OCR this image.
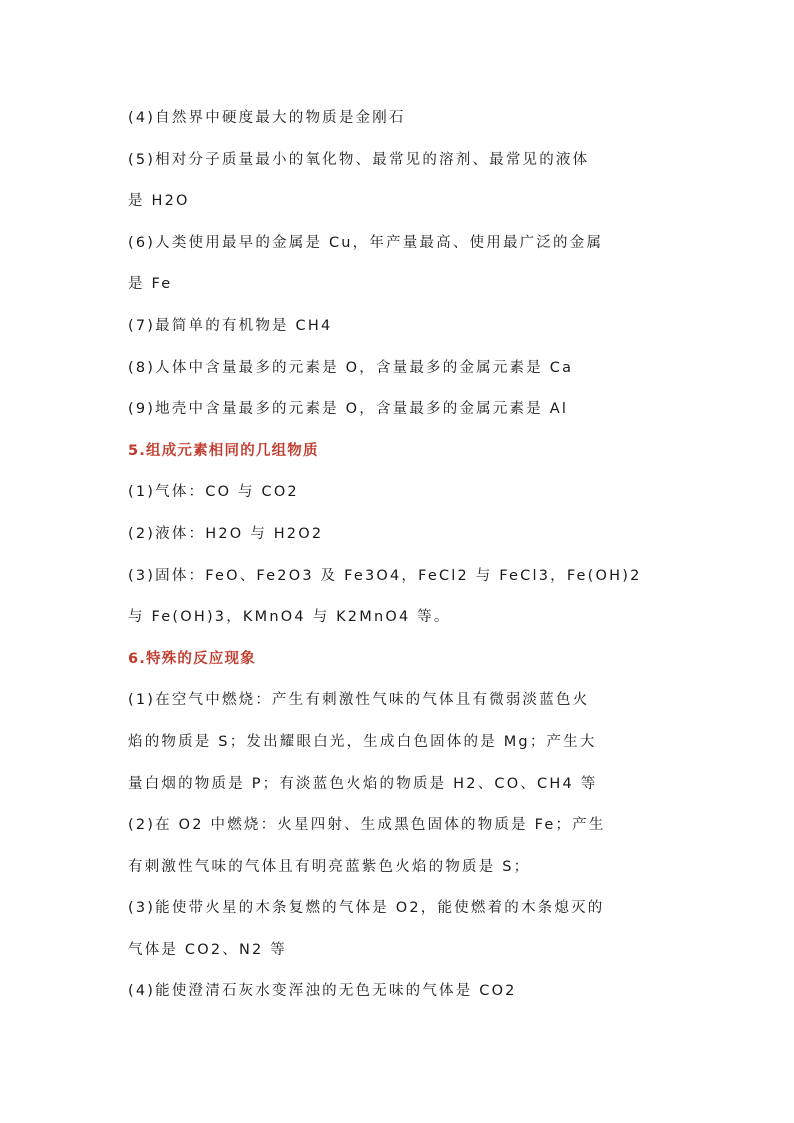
(4)自然界中硬度最大的物质是金刚石
(5)相对分子质量最小的氧化物、最常见的溶剂、最常见的液体
是 H2O
(6)人类使用最早的金属是 Cu，年产量最高、使用最广泛的金属
是 Fe
(7)最简单的有机物是 CH4
(8)人体中含量最多的元素是 O，含量最多的金属元素是 Ca
(9)地壳中含量最多的元素是 O，含量最多的金属元素是 Al
5.组成元素相同的几组物质
(1)气体：CO 与 CO2
(2)液体：H2O 与 H2O2
(3)固体：FeO、Fe2O3 及 Fe3O4，FeCl2 与 FeCl3，Fe(OH)2
与 Fe(OH)3，KMnO4 与 K2MnO4 等。
6.特殊的反应现象
(1)在空气中燃烧：产生有刺激性气味的气体且有微弱淡蓝色火
焰的物质是 S；发出耀眼白光，生成白色固体的是 Mg；产生大
量白烟的物质是 P；有淡蓝色火焰的物质是 H2、CO、CH4 等
(2)在 O2 中燃烧：火星四射、生成黑色固体的物质是 Fe；产生
有刺激性气味的气体且有明亮蓝紫色火焰的物质是 S；
(3)能使带火星的木条复燃的气体是 O2，能使燃着的木条熄灭的
气体是 CO2、N2 等
(4)能使澄清石灰水变浑浊的无色无味的气体是 CO2
